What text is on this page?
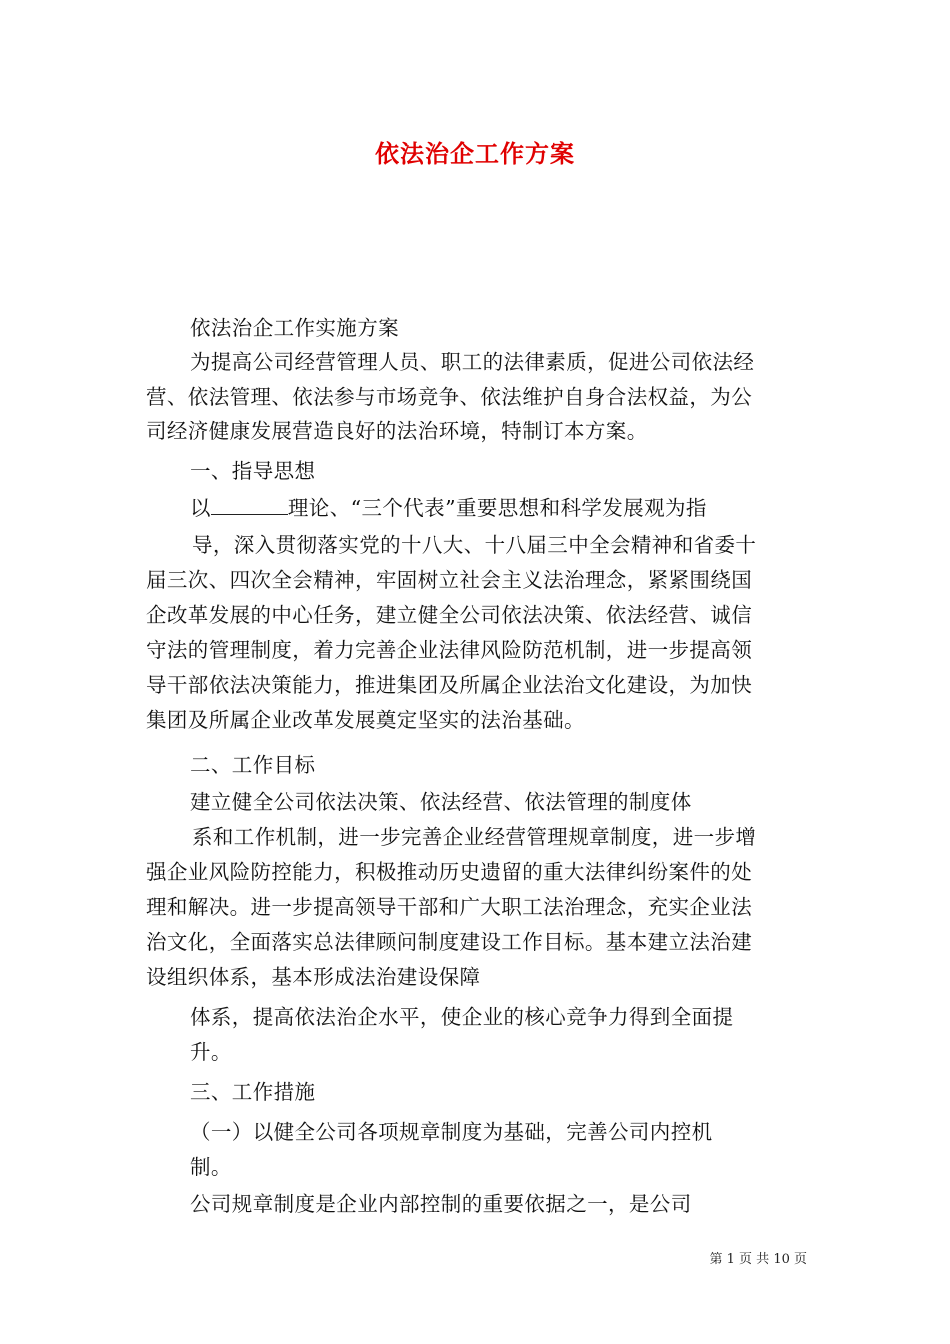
依法治企工作方案
依法治企工作实施方案
为提高公司经营管理人员、职工的法律素质，促进公司依法经
营、依法管理、依法参与市场竞争、依法维护自身合法权益，为公
司经济健康发展营造良好的法治环境，特制订本方案。
一、指导思想
以	理论、“三个代表”重要思想和科学发展观为指
导，深入贯彻落实党的十八大、十八届三中全会精神和省委十
届三次、四次全会精神，牢固树立社会主义法治理念，紧紧围绕国
企改革发展的中心任务，建立健全公司依法决策、依法经营、诚信
守法的管理制度，着力完善企业法律风险防范机制，进一步提高领
导干部依法决策能力，推进集团及所属企业法治文化建设，为加快
集团及所属企业改革发展奠定坚实的法治基础。
二、工作目标
建立健全公司依法决策、依法经营、依法管理的制度体
系和工作机制，进一步完善企业经营管理规章制度，进一步增
强企业风险防控能力，积极推动历史遗留的重大法律纠纷案件的处
理和解决。进一步提高领导干部和广大职工法治理念，充实企业法
治文化，全面落实总法律顾问制度建设工作目标。基本建立法治建
设组织体系，基本形成法治建设保障
体系，提高依法治企水平，使企业的核心竞争力得到全面提
升。
三、工作措施
（一）以健全公司各项规章制度为基础，完善公司内控机
制。
公司规章制度是企业内部控制的重要依据之一，是公司
第 1 页 共 10 页
